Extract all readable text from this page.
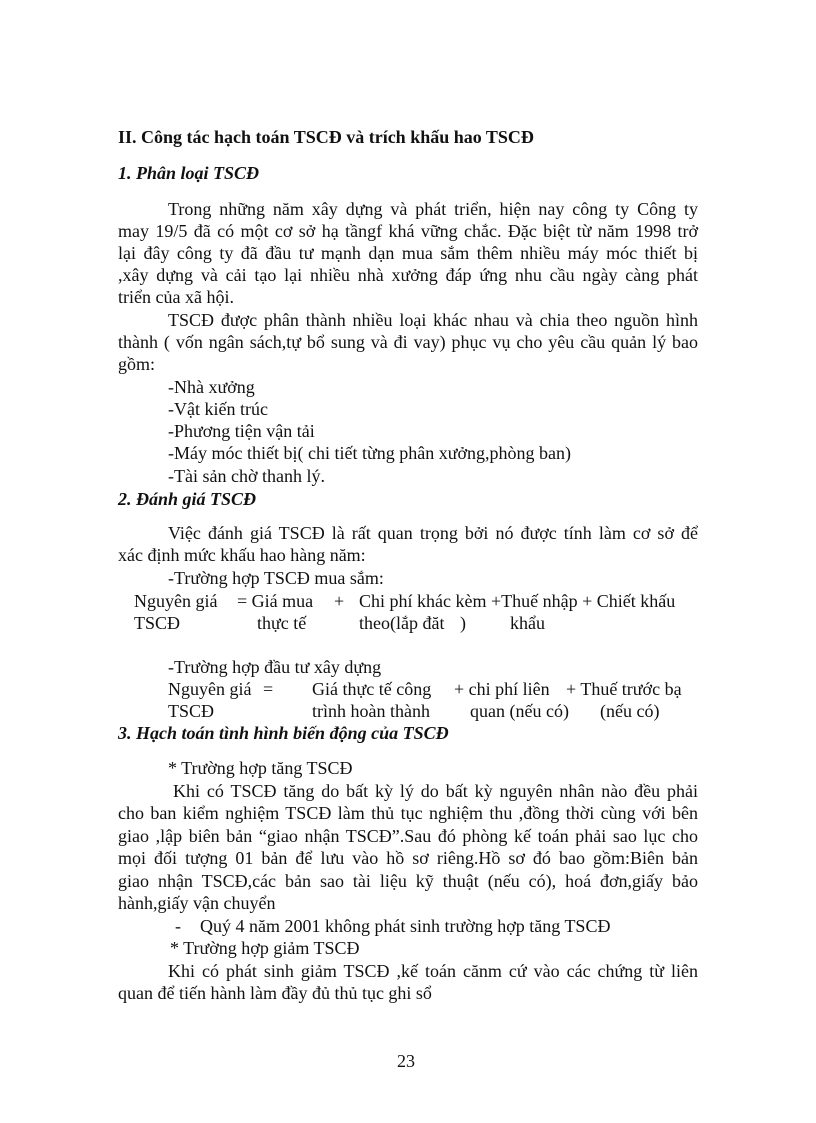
II. Công tác hạch toán TSCĐ và trích khấu hao TSCĐ
1. Phân loại TSCĐ
Trong những năm xây dựng và phát triển, hiện nay công ty Công ty
may 19/5 đã có một cơ sở hạ tầngf khá vững chắc. Đặc biệt từ năm 1998 trở
lại đây công ty đã đầu tư mạnh dạn mua sắm thêm nhiều máy móc thiết bị
,xây dựng và cải tạo lại nhiều nhà xưởng đáp ứng nhu cầu ngày càng phát
triển của xã hội.
TSCĐ được phân thành nhiều loại khác nhau và chia theo nguồn hình
thành ( vốn ngân sách,tự bổ sung và đi vay) phục vụ cho yêu cầu quản lý bao
gồm:
-Nhà xưởng
-Vật kiến trúc
-Phương tiện vận tải
-Máy móc thiết bị( chi tiết từng phân xưởng,phòng ban)
-Tài sản chờ thanh lý.
2. Đánh giá TSCĐ
Việc đánh giá TSCĐ là rất quan trọng bởi nó được tính làm cơ sở để
xác định mức khấu hao hàng năm:
-Trường hợp TSCĐ mua sắm:
Nguyên giá = Giá mua + Chi phí khác kèm +Thuế nhập + Chiết khấu
TSCĐ	thực tế	theo(lắp đăt ) khẩu
-Trường hợp đầu tư xây dựng
Nguyên giá = Giá thực tế công + chi phí liên + Thuế trước bạ
TSCĐ	trình hoàn thành quan (nếu có) (nếu có)
3. Hạch toán tình hình biến động của TSCĐ
* Trường hợp tăng TSCĐ
Khi có TSCĐ tăng do bất kỳ lý do bất kỳ nguyên nhân nào đều phải
cho ban kiểm nghiệm TSCĐ làm thủ tục nghiệm thu ,đồng thời cùng với bên
giao ,lập biên bản “giao nhận TSCĐ”.Sau đó phòng kế toán phải sao lục cho
mọi đối tượng 01 bản để lưu vào hồ sơ riêng.Hồ sơ đó bao gồm:Biên bản
giao nhận TSCĐ,các bản sao tài liệu kỹ thuật (nếu có), hoá đơn,giấy bảo
hành,giấy vận chuyển
- Quý 4 năm 2001 không phát sinh trường hợp tăng TSCĐ
* Trường hợp giảm TSCĐ
Khi có phát sinh giảm TSCĐ ,kế toán cănm cứ vào các chứng từ liên
quan để tiến hành làm đầy đủ thủ tục ghi sổ
23
